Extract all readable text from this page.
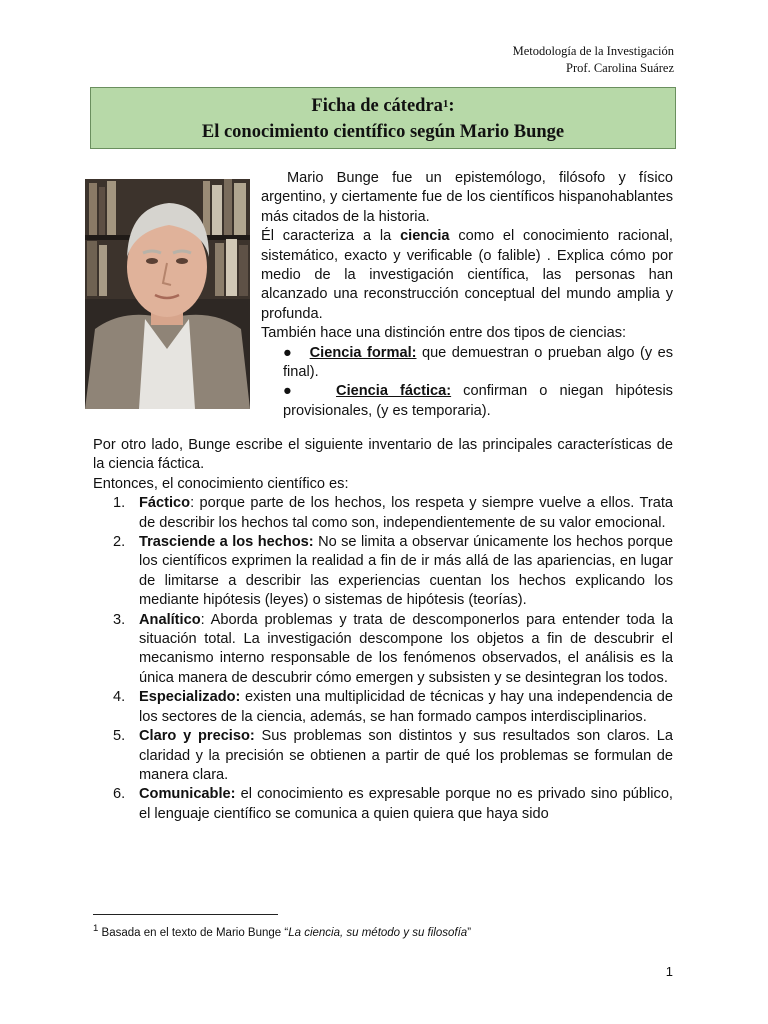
Metodología de la Investigación
Prof. Carolina Suárez
Ficha de cátedra$^1$:
El conocimiento científico según Mario Bunge

Mario Bunge fue un epistemólogo, filósofo y físico argentino, y ciertamente fue de los científicos hispanohablantes más citados de la historia.

Él caracteriza a la ciencia como el conocimiento racional, sistemático, exacto y verificable (o falible) . Explica cómo por medio de la investigación científica, las personas han alcanzado una reconstrucción conceptual del mundo amplia y profunda.

También hace una distinción entre dos tipos de ciencias:

● Ciencia formal: que demuestran o prueban algo (y es final).

● Ciencia fáctica: confirman o niegan hipótesis provisionales, (y es temporaria).

Por otro lado, Bunge escribe el siguiente inventario de las principales características de la ciencia fáctica.

Entonces, el conocimiento científico es:

1. Fáctico: porque parte de los hechos, los respeta y siempre vuelve a ellos. Trata de describir los hechos tal como son, independientemente de su valor emocional.
2. Trasciende a los hechos: No se limita a observar únicamente los hechos porque los científicos exprimen la realidad a fin de ir más allá de las apariencias, en lugar de limitarse a describir las experiencias cuentan los hechos explicando los mediante hipótesis (leyes) o sistemas de hipótesis (teorías).
3. Analítico: Aborda problemas y trata de descomponerlos para entender toda la situación total. La investigación descompone los objetos a fin de descubrir el mecanismo interno responsable de los fenómenos observados, el análisis es la única manera de descubrir cómo emergen y subsisten y se desintegran los todos.
4. Especializado: existen una multiplicidad de técnicas y hay una independencia de los sectores de la ciencia, además, se han formado campos interdisciplinarios.
5. Claro y preciso: Sus problemas son distintos y sus resultados son claros. La claridad y la precisión se obtienen a partir de qué los problemas se formulan de manera clara.
6. Comunicable: el conocimiento es expresable porque no es privado sino público, el lenguaje científico se comunica a quien quiera que haya sido
$^1$ Basada en el texto de Mario Bunge “La ciencia, su método y su filosofía”
1
